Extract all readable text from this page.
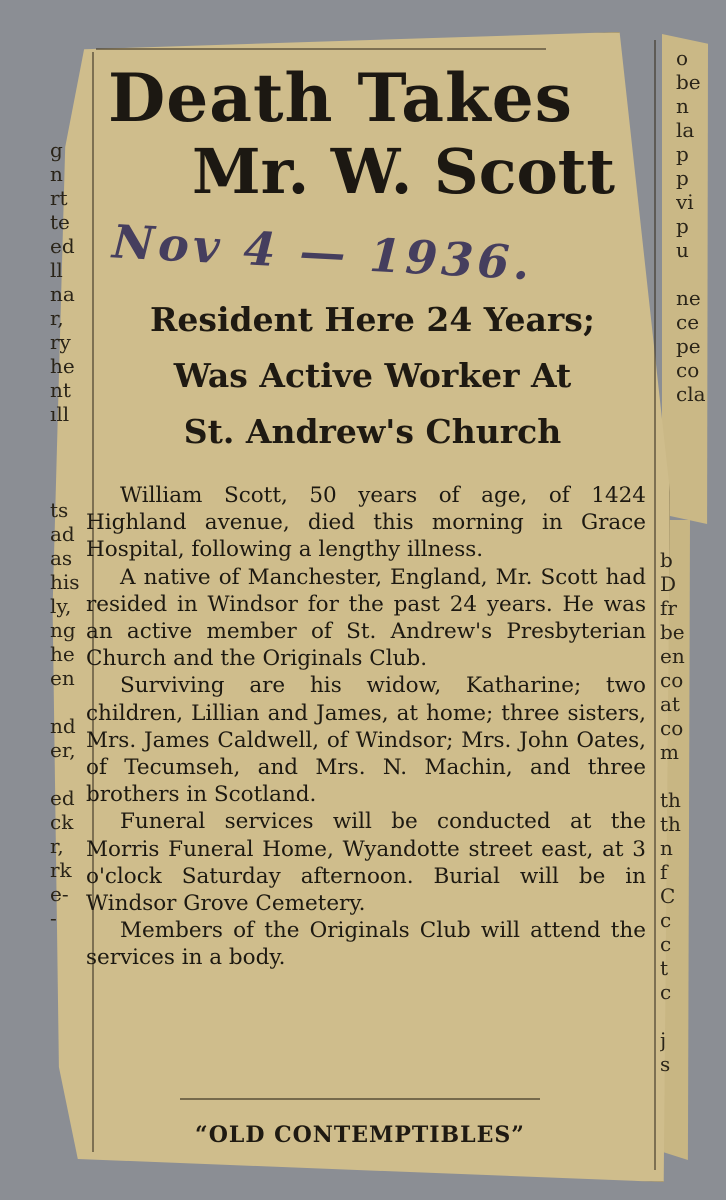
g
n
rt
te
ed
ll
na
r,
ry
he
nt
ıll
ts
ad
as
his
ly,
ng
he
en
nd
er,
ed
ck
r,
rk
e-
-
o
be
n
la
p
p
vi
p
u
ne
ce
pe
co
cla
b
D
fr
be
en
co
at
co
m
th
th
n
f
C
c
c
t
c
j
s
Death Takes
Mr. W. Scott
Nov 4 — 1936.
Resident Here 24 Years;
Was Active Worker At
St. Andrew's Church

William Scott, 50 years of age, of 1424 Highland avenue, died this morning in Grace Hospital, following a lengthy illness.

A native of Manchester, England, Mr. Scott had resided in Windsor for the past 24 years. He was an active member of St. Andrew's Presbyterian Church and the Originals Club.

Surviving are his widow, Katharine; two children, Lillian and James, at home; three sisters, Mrs. James Caldwell, of Windsor; Mrs. John Oates, of Tecumseh, and Mrs. N. Machin, and three brothers in Scotland.

Funeral services will be conducted at the Morris Funeral Home, Wyandotte street east, at 3 o'clock Saturday afternoon. Burial will be in Windsor Grove Cemetery.

Members of the Originals Club will attend the services in a body.

“OLD CONTEMPTIBLES”
